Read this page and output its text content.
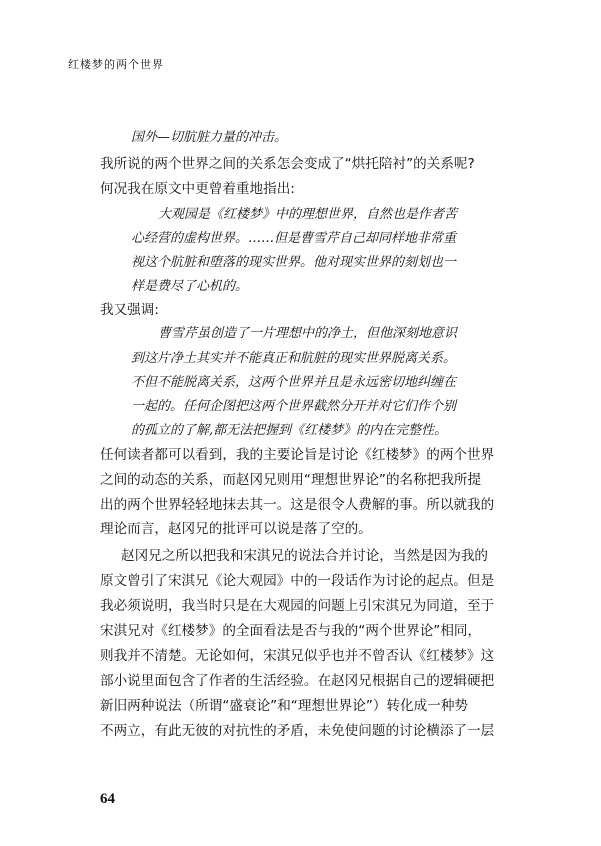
红楼梦的两个世界
国外—切肮脏力量的冲击。
我所说的两个世界之间的关系怎会变成了“烘托陪衬”的关系呢?
何况我在原文中更曾着重地指出:
大观园是《红楼梦》中的理想世界，自然也是作者苦
心经营的虚构世界。……但是曹雪芹自己却同样地非常重
视这个肮脏和堕落的现实世界。他对现实世界的刻划也一
样是费尽了心机的。
我又强调:
曹雪芹虽创造了一片理想中的净土，但他深刻地意识
到这片净土其实并不能真正和肮脏的现实世界脱离关系。
不但不能脱离关系，这两个世界并且是永远密切地纠缠在
一起的。任何企图把这两个世界截然分开并对它们作个别
的孤立的了解,都无法把握到《红楼梦》的内在完整性。
任何读者都可以看到，我的主要论旨是讨论《红楼梦》的两个世界
之间的动态的关系，而赵冈兄则用“理想世界论”的名称把我所提
出的两个世界轻轻地抹去其一。这是很令人费解的事。所以就我的
理论而言，赵冈兄的批评可以说是落了空的。
赵冈兄之所以把我和宋淇兄的说法合并讨论，当然是因为我的
原文曾引了宋淇兄《论大观园》中的一段话作为讨论的起点。但是
我必须说明，我当时只是在大观园的问题上引宋淇兄为同道，至于
宋淇兄对《红楼梦》的全面看法是否与我的“两个世界论”相同，
则我并不清楚。无论如何，宋淇兄似乎也并不曾否认《红楼梦》这
部小说里面包含了作者的生活经验。在赵冈兄根据自己的逻辑硬把
新旧两种说法（所谓“盛衰论”和“理想世界论”）转化成一种势
不两立，有此无彼的对抗性的矛盾，未免使问题的讨论横添了一层
64
